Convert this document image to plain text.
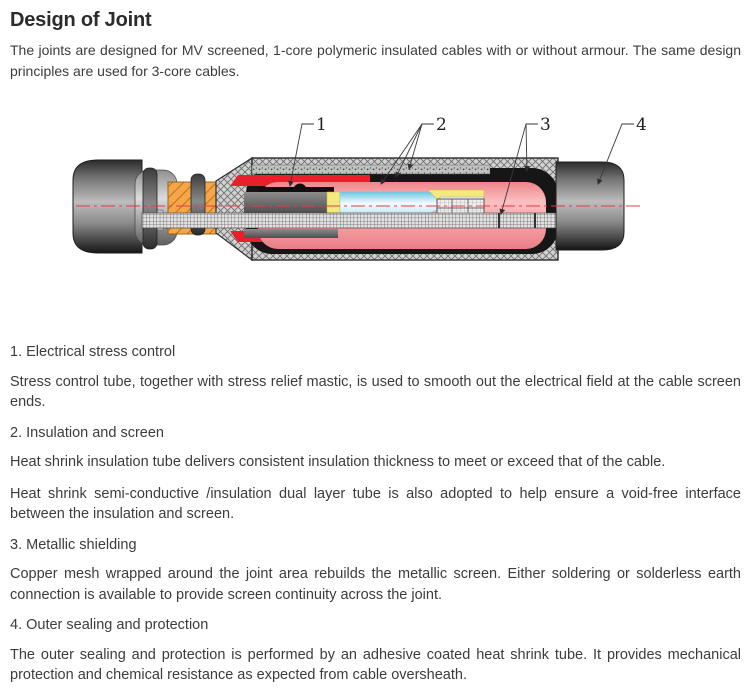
Design of Joint

The joints are designed for MV screened, 1-core polymeric insulated cables with or without armour. The same design principles are used for 3-core cables.

1	2	3	4
1. Electrical stress control

Stress control tube, together with stress relief mastic, is used to smooth out the electrical field at the cable screen ends.

2. Insulation and screen

Heat shrink insulation tube delivers consistent insulation thickness to meet or exceed that of the cable.

Heat shrink semi-conductive /insulation dual layer tube is also adopted to help ensure a void-free interface between the insulation and screen.

3. Metallic shielding

Copper mesh wrapped around the joint area rebuilds the metallic screen. Either soldering or solderless earth connection is available to provide screen continuity across the joint.

4. Outer sealing and protection

The outer sealing and protection is performed by an adhesive coated heat shrink tube. It provides mechanical protection and chemical resistance as expected from cable oversheath.
